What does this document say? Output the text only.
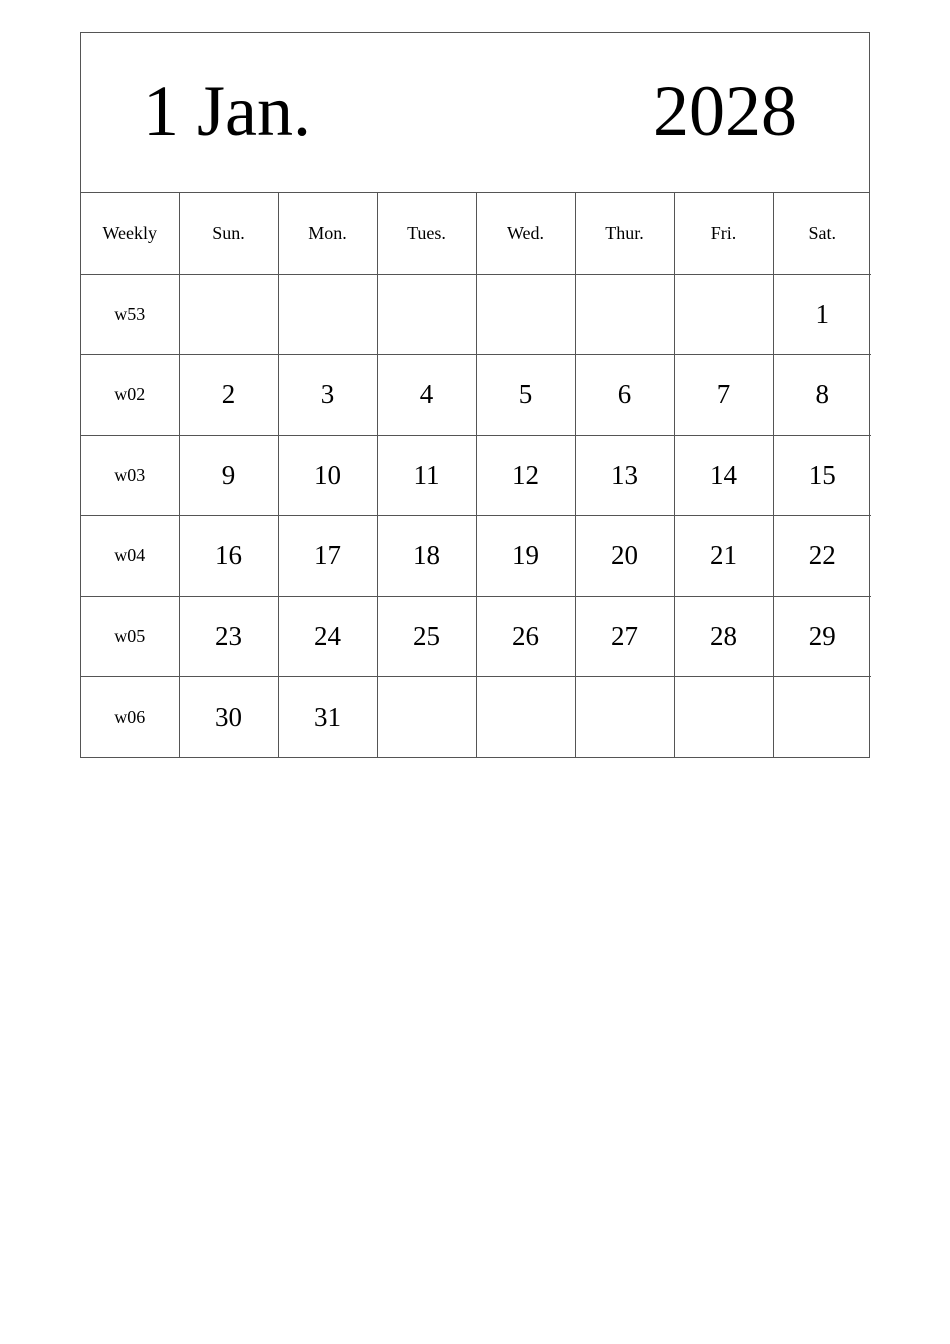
1 Jan.	2028
Weekly	Sun.	Mon.	Tues.	Wed.	Thur.	Fri.	Sat.
w53							1
w02	2	3	4	5	6	7	8
w03	9	10	11	12	13	14	15
w04	16	17	18	19	20	21	22
w05	23	24	25	26	27	28	29
w06	30	31					
